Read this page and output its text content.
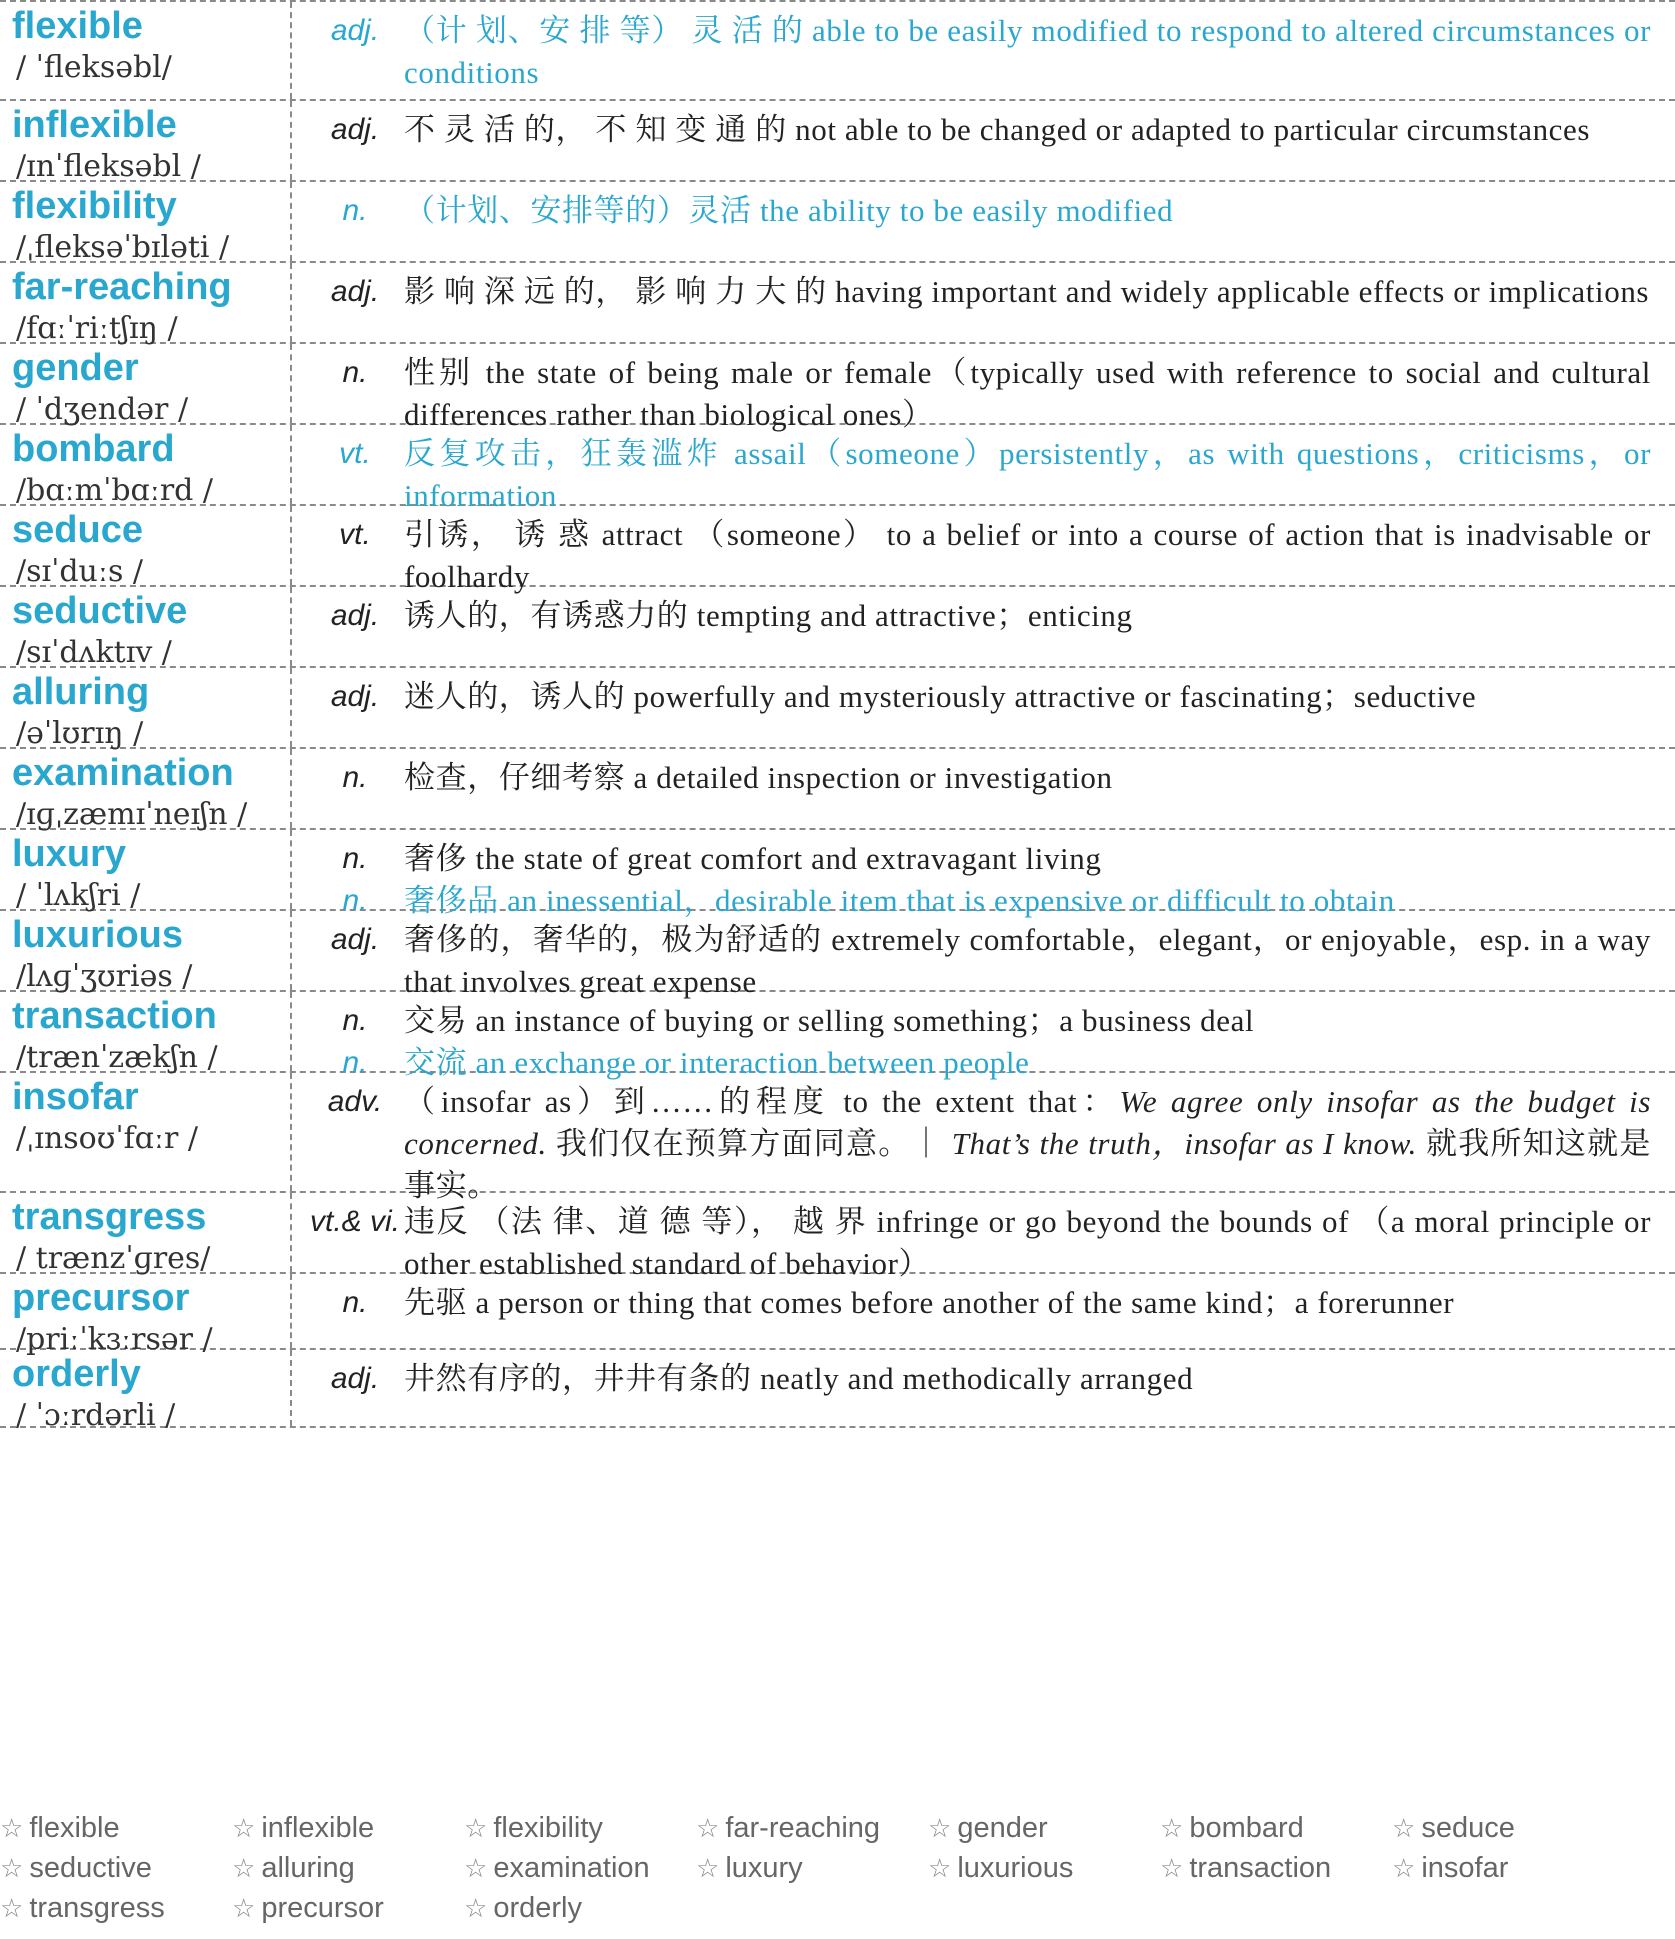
flexible
/ ˈfleksəbl/
adj. （计 划、安 排 等） 灵 活 的 able to be easily modified to respond to altered circumstances or conditions
inflexible
/ɪnˈfleksəbl /
adj. 不 灵 活 的， 不 知 变 通 的 not able to be changed or adapted to particular circumstances
flexibility
/ˌfleksəˈbɪləti /
n.	（计划、安排等的）灵活 the ability to be easily modified
far-reaching
/fɑːˈriːtʃɪŋ /
adj. 影 响 深 远 的， 影 响 力 大 的 having important and widely applicable effects or implications
gender
/ ˈdʒendər /
n.	性别 the state of being male or female（typically used with reference to social and cultural differences rather than biological ones）
bombard
/bɑːmˈbɑːrd /
vt.	反复攻击，狂轰滥炸 assail（someone）persistently，as with questions，criticisms，or information
seduce
/sɪˈduːs /
vt.	引诱， 诱 惑 attract （someone） to a belief or into a course of action that is inadvisable or foolhardy
seductive
/sɪˈdʌktɪv /
adj. 诱人的，有诱惑力的 tempting and attractive；enticing
alluring
/əˈlʊrɪŋ /
adj. 迷人的，诱人的 powerfully and mysteriously attractive or fascinating；seductive
examination
/ɪɡˌzæmɪˈneɪʃn /
n.	检查，仔细考察 a detailed inspection or investigation
luxury
/ ˈlʌkʃri /
n.	奢侈 the state of great comfort and extravagant living
n.	奢侈品 an inessential，desirable item that is expensive or difficult to obtain
luxurious
/lʌɡˈʒʊriəs /
adj. 奢侈的，奢华的，极为舒适的 extremely comfortable，elegant，or enjoyable，esp. in a way that involves great expense
transaction
/trænˈzækʃn /
n.	交易 an instance of buying or selling something；a business deal
n.	交流 an exchange or interaction between people
insofar
/ˌɪnsoʊˈfɑːr /
adv. （insofar as）到……的程度 to the extent that：We agree only insofar as the budget is concerned. 我们仅在预算方面同意。｜ That’s the truth，insofar as I know. 就我所知这就是事实。
transgress
/ trænzˈɡres/
vt.& vi. 违反 （法 律、道 德 等）， 越 界 infringe or go beyond the bounds of （a moral principle or other established standard of behavior）
precursor
/priːˈkɜːrsər /
n.	先驱 a person or thing that comes before another of the same kind；a forerunner
orderly
/ ˈɔːrdərli /
adj. 井然有序的，井井有条的 neatly and methodically arranged
☆ flexible	☆ inflexible	☆ flexibility	☆ far-reaching	☆ gender	☆ bombard	☆ seduce
☆ seductive	☆ alluring	☆ examination	☆ luxury	☆ luxurious	☆ transaction	☆ insofar
☆ transgress	☆ precursor	☆ orderly
